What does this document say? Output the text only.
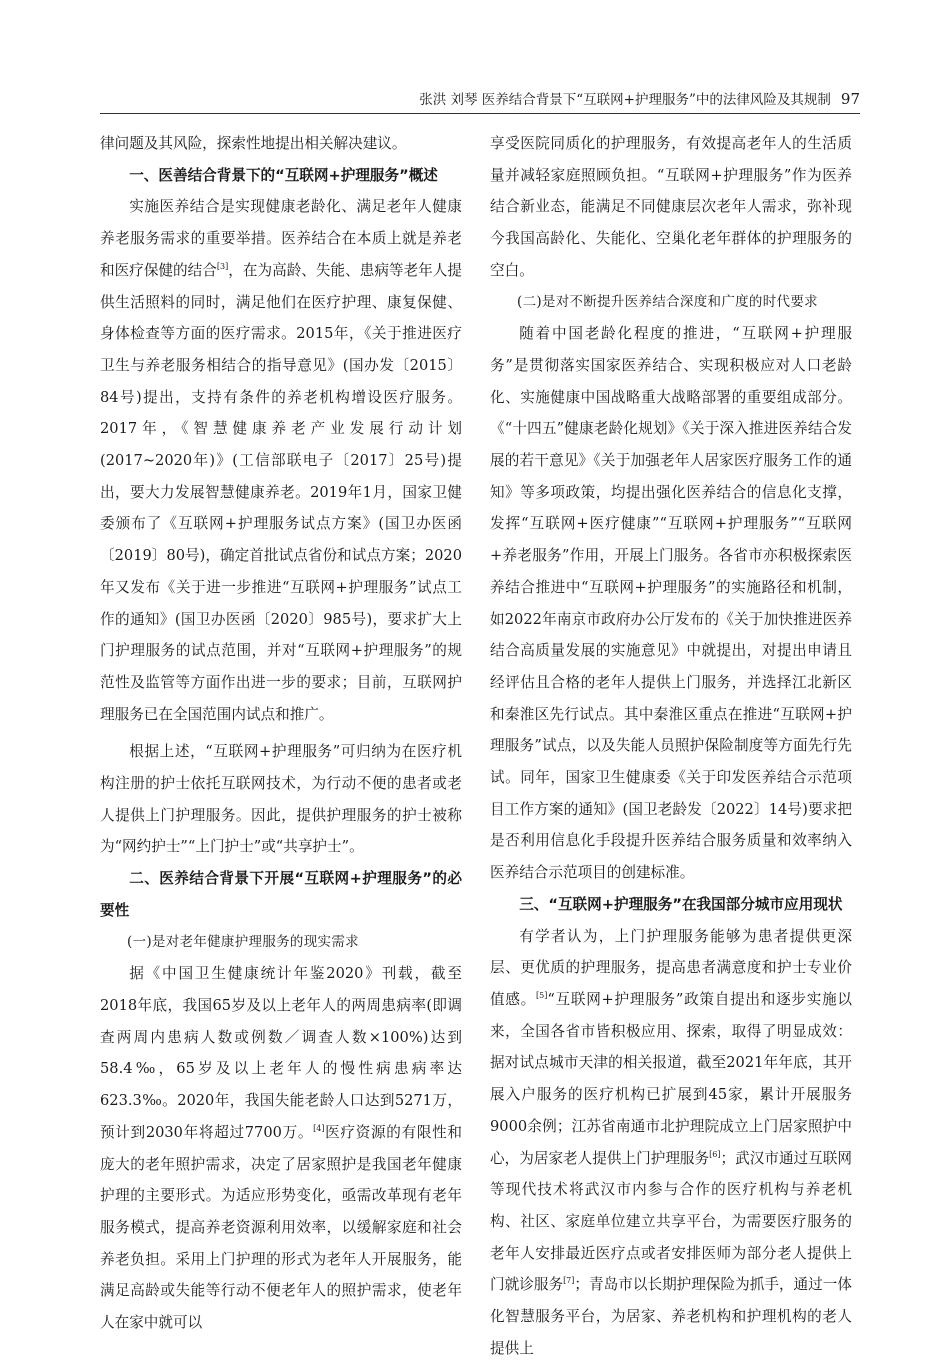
张洪 刘琴 医养结合背景下“互联网+护理服务”中的法律风险及其规制 97

律问题及其风险，探索性地提出相关解决建议。

一、医善结合背景下的“互联网+护理服务”概述

实施医养结合是实现健康老龄化、满足老年人健康养老服务需求的重要举措。医养结合在本质上就是养老和医疗保健的结合[3]，在为高龄、失能、患病等老年人提供生活照料的同时，满足他们在医疗护理、康复保健、身体检查等方面的医疗需求。2015年，《关于推进医疗卫生与养老服务相结合的指导意见》(国办发〔2015〕84号)提出，支持有条件的养老机构增设医疗服务。2017年，《智慧健康养老产业发展行动计划(2017~2020年)》(工信部联电子〔2017〕25号)提出，要大力发展智慧健康养老。2019年1月，国家卫健委颁布了《互联网+护理服务试点方案》(国卫办医函〔2019〕80号)，确定首批试点省份和试点方案；2020年又发布《关于进一步推进“互联网+护理服务”试点工作的通知》(国卫办医函〔2020〕985号)，要求扩大上门护理服务的试点范围，并对“互联网+护理服务”的规范性及监管等方面作出进一步的要求；目前，互联网护理服务已在全国范围内试点和推广。

根据上述，“互联网+护理服务”可归纳为在医疗机构注册的护士依托互联网技术，为行动不便的患者或老人提供上门护理服务。因此，提供护理服务的护士被称为“网约护士”“上门护士”或“共享护士”。

二、医养结合背景下开展“互联网+护理服务”的必要性
(一)是对老年健康护理服务的现实需求

据《中国卫生健康统计年鉴2020》刊载，截至2018年底，我国65岁及以上老年人的两周患病率(即调查两周内患病人数或例数／调查人数×100%)达到58.4‰，65岁及以上老年人的慢性病患病率达623.3‰。2020年，我国失能老龄人口达到5271万，预计到2030年将超过7700万。[4]医疗资源的有限性和庞大的老年照护需求，决定了居家照护是我国老年健康护理的主要形式。为适应形势变化，亟需改革现有老年服务模式，提高养老资源利用效率，以缓解家庭和社会养老负担。采用上门护理的形式为老年人开展服务，能满足高龄或失能等行动不便老年人的照护需求，使老年人在家中就可以

享受医院同质化的护理服务，有效提高老年人的生活质量并减轻家庭照顾负担。“互联网+护理服务”作为医养结合新业态，能满足不同健康层次老年人需求，弥补现今我国高龄化、失能化、空巢化老年群体的护理服务的空白。

(二)是对不断提升医养结合深度和广度的时代要求

随着中国老龄化程度的推进，“互联网+护理服务”是贯彻落实国家医养结合、实现积极应对人口老龄化、实施健康中国战略重大战略部署的重要组成部分。《“十四五”健康老龄化规划》《关于深入推进医养结合发展的若干意见》《关于加强老年人居家医疗服务工作的通知》等多项政策，均提出强化医养结合的信息化支撑，发挥“互联网+医疗健康”“互联网+护理服务”“互联网+养老服务”作用，开展上门服务。各省市亦积极探索医养结合推进中“互联网+护理服务”的实施路径和机制，如2022年南京市政府办公厅发布的《关于加快推进医养结合高质量发展的实施意见》中就提出，对提出申请且经评估且合格的老年人提供上门服务，并选择江北新区和秦淮区先行试点。其中秦淮区重点在推进“互联网+护理服务”试点，以及失能人员照护保险制度等方面先行先试。同年，国家卫生健康委《关于印发医养结合示范项目工作方案的通知》(国卫老龄发〔2022〕14号)要求把是否利用信息化手段提升医养结合服务质量和效率纳入医养结合示范项目的创建标准。

三、“互联网+护理服务”在我国部分城市应用现状

有学者认为，上门护理服务能够为患者提供更深层、更优质的护理服务，提高患者满意度和护士专业价值感。[5]“互联网+护理服务”政策自提出和逐步实施以来，全国各省市皆积极应用、探索，取得了明显成效：据对试点城市天津的相关报道，截至2021年年底，其开展入户服务的医疗机构已扩展到45家，累计开展服务9000余例；江苏省南通市北护理院成立上门居家照护中心，为居家老人提供上门护理服务[6]；武汉市通过互联网等现代技术将武汉市内参与合作的医疗机构与养老机构、社区、家庭单位建立共享平台，为需要医疗服务的老年人安排最近医疗点或者安排医师为部分老人提供上门就诊服务[7]；青岛市以长期护理保险为抓手，通过一体化智慧服务平台，为居家、养老机构和护理机构的老人提供上
